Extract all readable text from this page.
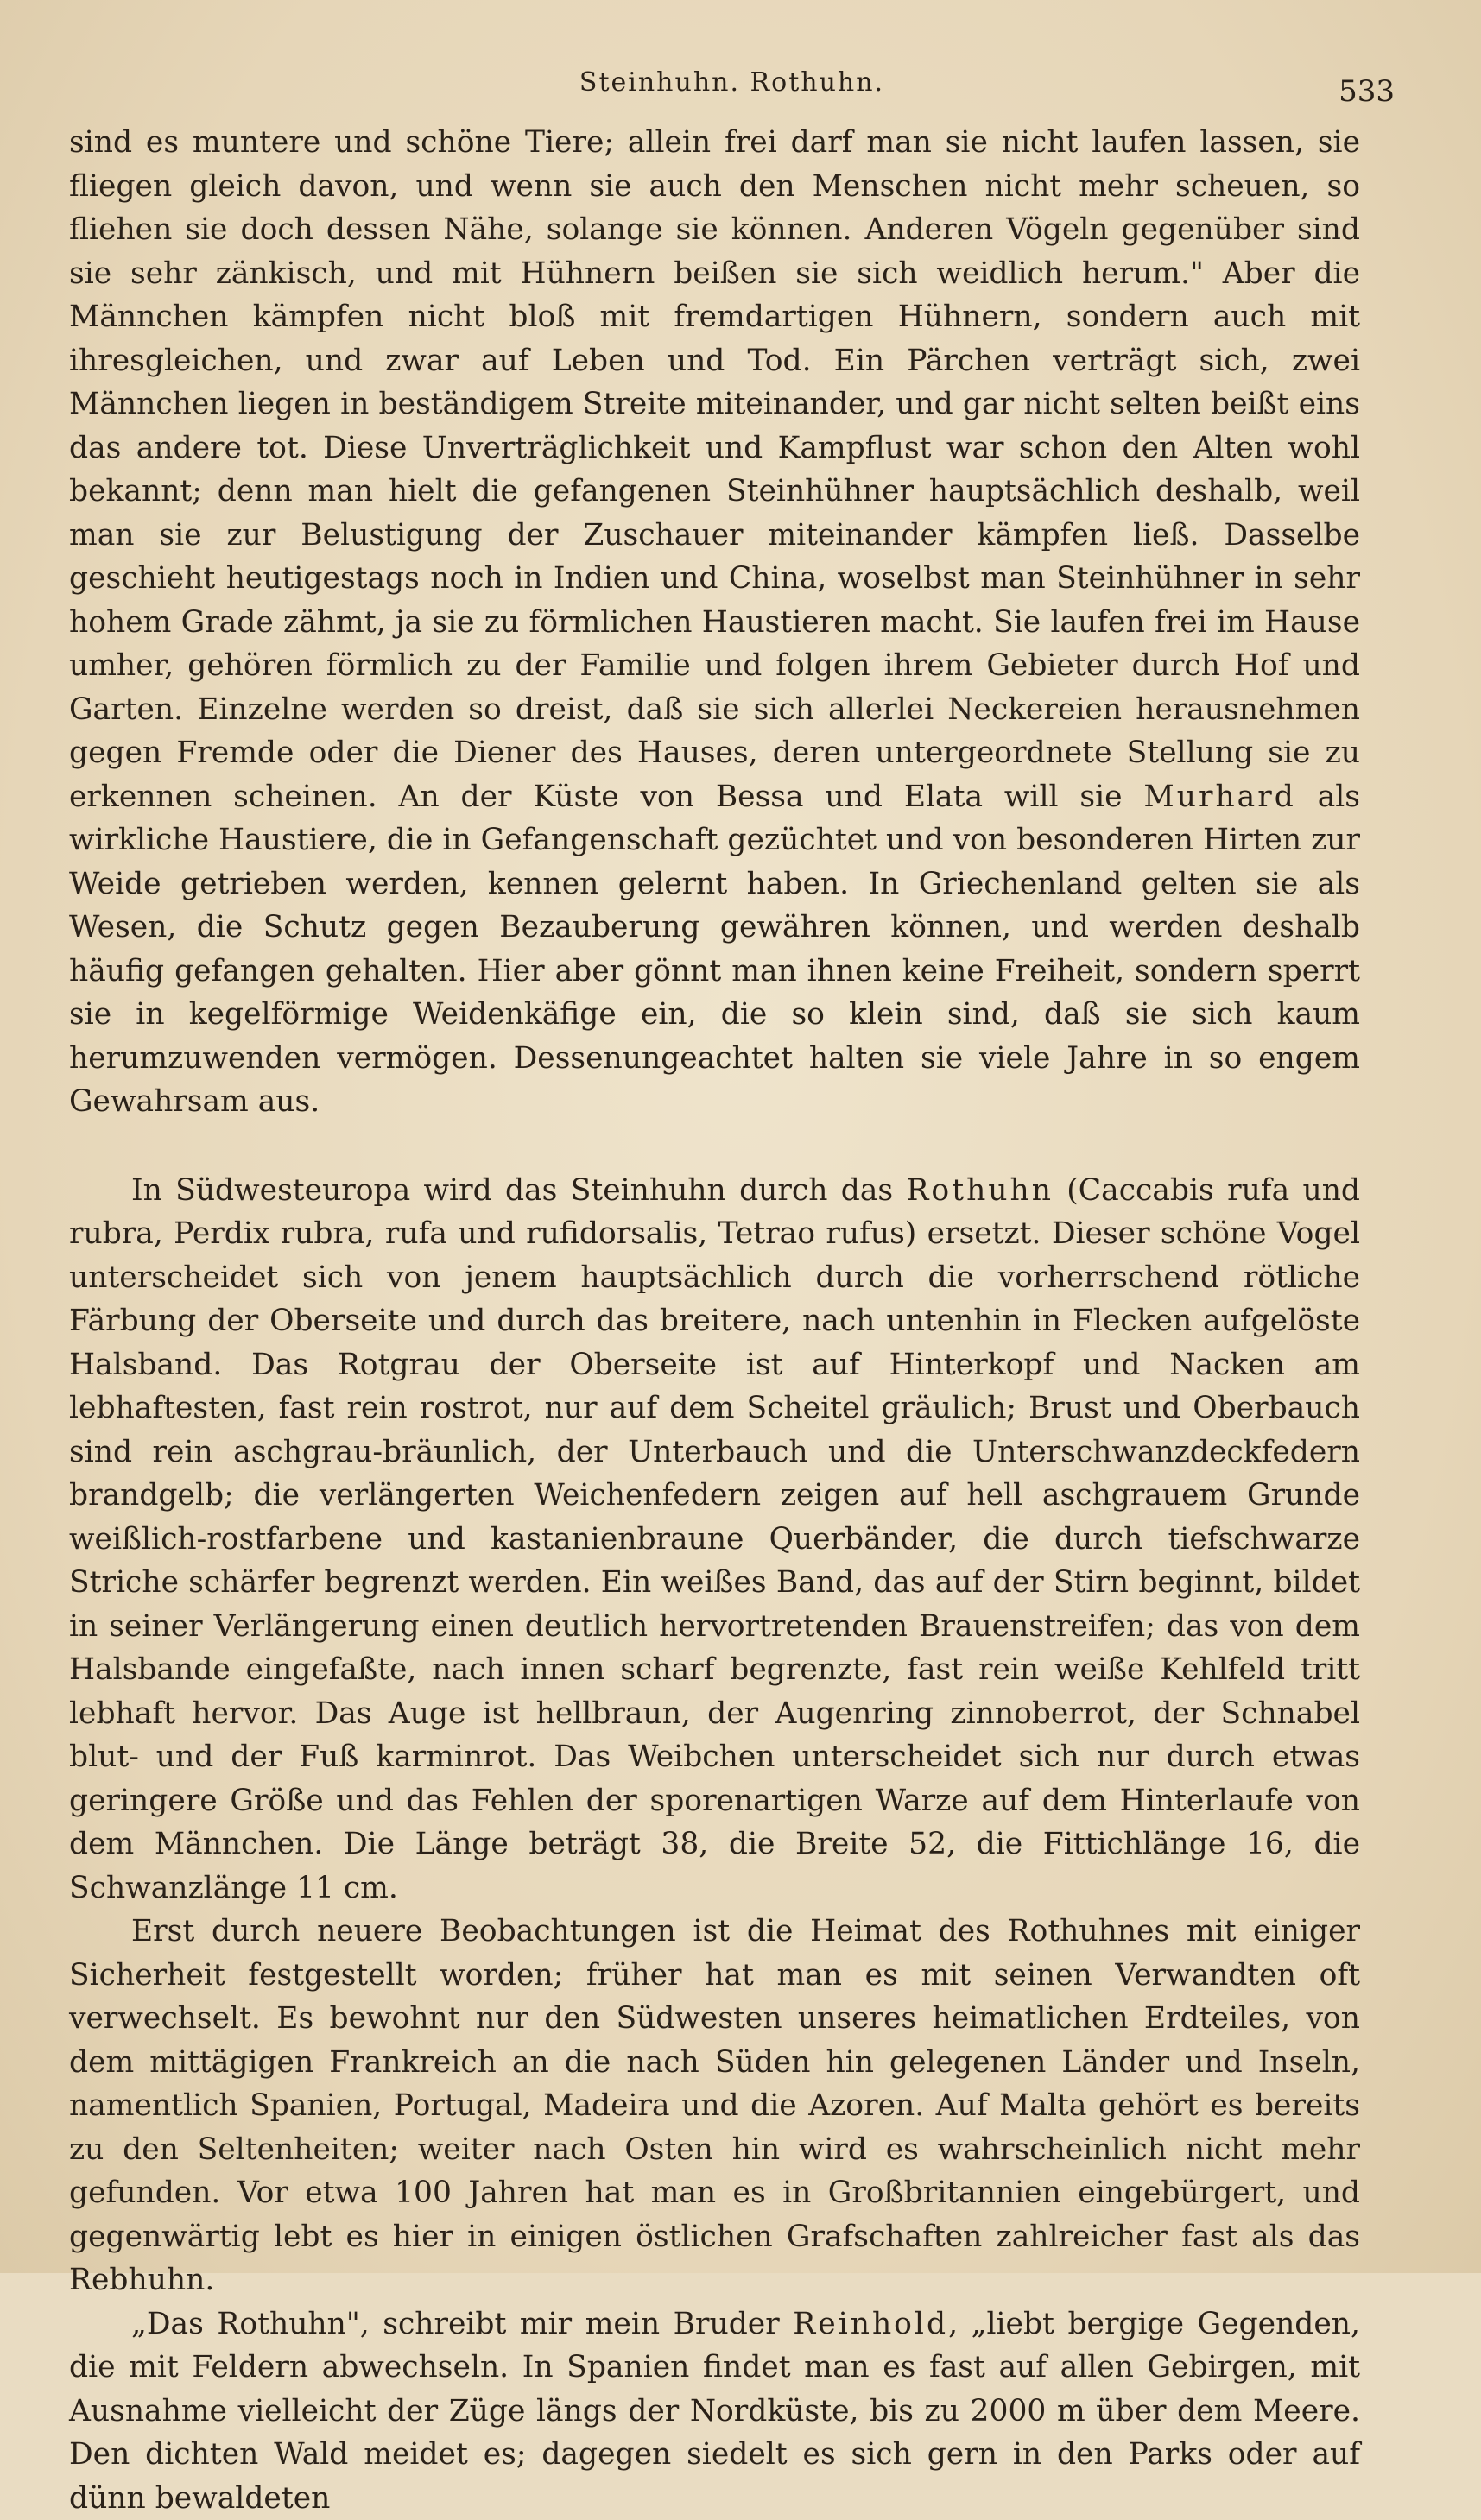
Steinhuhn. Rothuhn.	533

sind es muntere und schöne Tiere; allein frei darf man sie nicht laufen lassen, sie fliegen gleich davon, und wenn sie auch den Menschen nicht mehr scheuen, so fliehen sie doch dessen Nähe, solange sie können. Anderen Vögeln gegenüber sind sie sehr zänkisch, und mit Hühnern beißen sie sich weidlich herum." Aber die Männchen kämpfen nicht bloß mit fremdartigen Hühnern, sondern auch mit ihresgleichen, und zwar auf Leben und Tod. Ein Pärchen verträgt sich, zwei Männchen liegen in beständigem Streite miteinander, und gar nicht selten beißt eins das andere tot. Diese Unverträglichkeit und Kampflust war schon den Alten wohl bekannt; denn man hielt die gefangenen Steinhühner hauptsächlich deshalb, weil man sie zur Belustigung der Zuschauer miteinander kämpfen ließ. Dasselbe geschieht heutigestags noch in Indien und China, woselbst man Steinhühner in sehr hohem Grade zähmt, ja sie zu förmlichen Haustieren macht. Sie laufen frei im Hause umher, gehören förmlich zu der Familie und folgen ihrem Gebieter durch Hof und Garten. Einzelne werden so dreist, daß sie sich allerlei Neckereien herausnehmen gegen Fremde oder die Diener des Hauses, deren untergeordnete Stellung sie zu erkennen scheinen. An der Küste von Bessa und Elata will sie Murhard als wirkliche Haustiere, die in Gefangenschaft gezüchtet und von besonderen Hirten zur Weide getrieben werden, kennen gelernt haben. In Griechenland gelten sie als Wesen, die Schutz gegen Bezauberung gewähren können, und werden deshalb häufig gefangen gehalten. Hier aber gönnt man ihnen keine Freiheit, sondern sperrt sie in kegelförmige Weidenkäfige ein, die so klein sind, daß sie sich kaum herumzuwenden vermögen. Dessenungeachtet halten sie viele Jahre in so engem Gewahrsam aus.

In Südwesteuropa wird das Steinhuhn durch das Rothuhn (Caccabis rufa und rubra, Perdix rubra, rufa und rufidorsalis, Tetrao rufus) ersetzt. Dieser schöne Vogel unterscheidet sich von jenem hauptsächlich durch die vorherrschend rötliche Färbung der Oberseite und durch das breitere, nach untenhin in Flecken aufgelöste Halsband. Das Rotgrau der Oberseite ist auf Hinterkopf und Nacken am lebhaftesten, fast rein rostrot, nur auf dem Scheitel gräulich; Brust und Oberbauch sind rein aschgrau-bräunlich, der Unterbauch und die Unterschwanzdeckfedern brandgelb; die verlängerten Weichenfedern zeigen auf hell aschgrauem Grunde weißlich-rostfarbene und kastanienbraune Querbänder, die durch tiefschwarze Striche schärfer begrenzt werden. Ein weißes Band, das auf der Stirn beginnt, bildet in seiner Verlängerung einen deutlich hervortretenden Brauenstreifen; das von dem Halsbande eingefaßte, nach innen scharf begrenzte, fast rein weiße Kehlfeld tritt lebhaft hervor. Das Auge ist hellbraun, der Augenring zinnoberrot, der Schnabel blut- und der Fuß karminrot. Das Weibchen unterscheidet sich nur durch etwas geringere Größe und das Fehlen der sporenartigen Warze auf dem Hinterlaufe von dem Männchen. Die Länge beträgt 38, die Breite 52, die Fittichlänge 16, die Schwanzlänge 11 cm.

Erst durch neuere Beobachtungen ist die Heimat des Rothuhnes mit einiger Sicherheit festgestellt worden; früher hat man es mit seinen Verwandten oft verwechselt. Es bewohnt nur den Südwesten unseres heimatlichen Erdteiles, von dem mittägigen Frankreich an die nach Süden hin gelegenen Länder und Inseln, namentlich Spanien, Portugal, Madeira und die Azoren. Auf Malta gehört es bereits zu den Seltenheiten; weiter nach Osten hin wird es wahrscheinlich nicht mehr gefunden. Vor etwa 100 Jahren hat man es in Großbritannien eingebürgert, und gegenwärtig lebt es hier in einigen östlichen Grafschaften zahlreicher fast als das Rebhuhn.

„Das Rothuhn", schreibt mir mein Bruder Reinhold, „liebt bergige Gegenden, die mit Feldern abwechseln. In Spanien findet man es fast auf allen Gebirgen, mit Ausnahme vielleicht der Züge längs der Nordküste, bis zu 2000 m über dem Meere. Den dichten Wald meidet es; dagegen siedelt es sich gern in den Parks oder auf dünn bewaldeten
